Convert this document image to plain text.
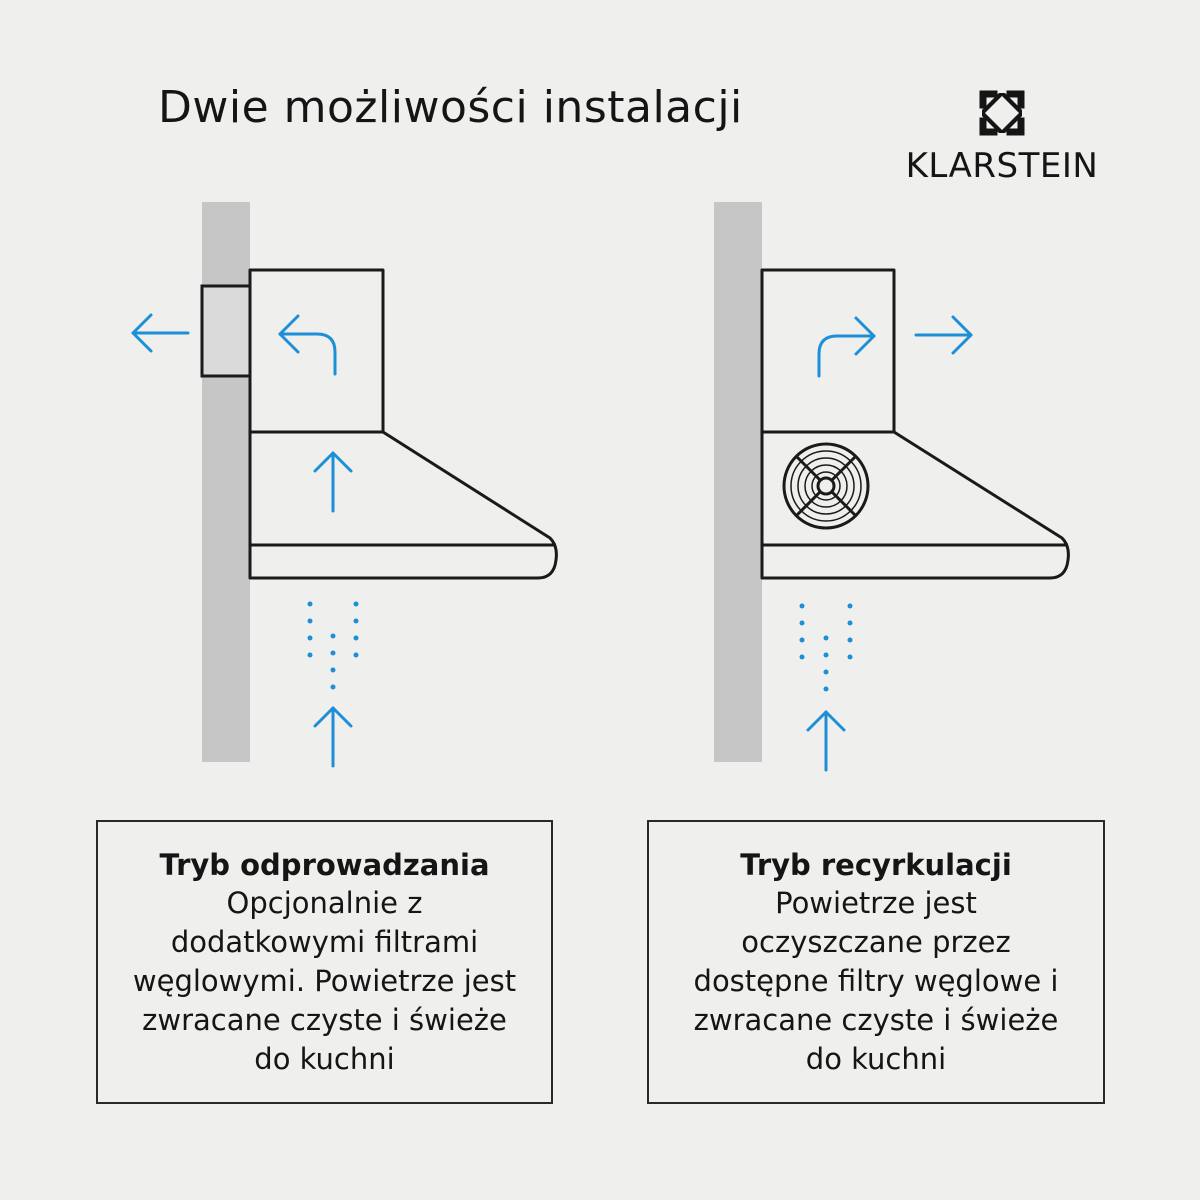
Dwie możliwości instalacji
KLARSTEIN
Tryb odprowadzania
Opcjonalnie z
dodatkowymi filtrami
węglowymi. Powietrze jest
zwracane czyste i świeże
do kuchni
Tryb recyrkulacji
Powietrze jest
oczyszczane przez
dostępne filtry węglowe i
zwracane czyste i świeże
do kuchni
